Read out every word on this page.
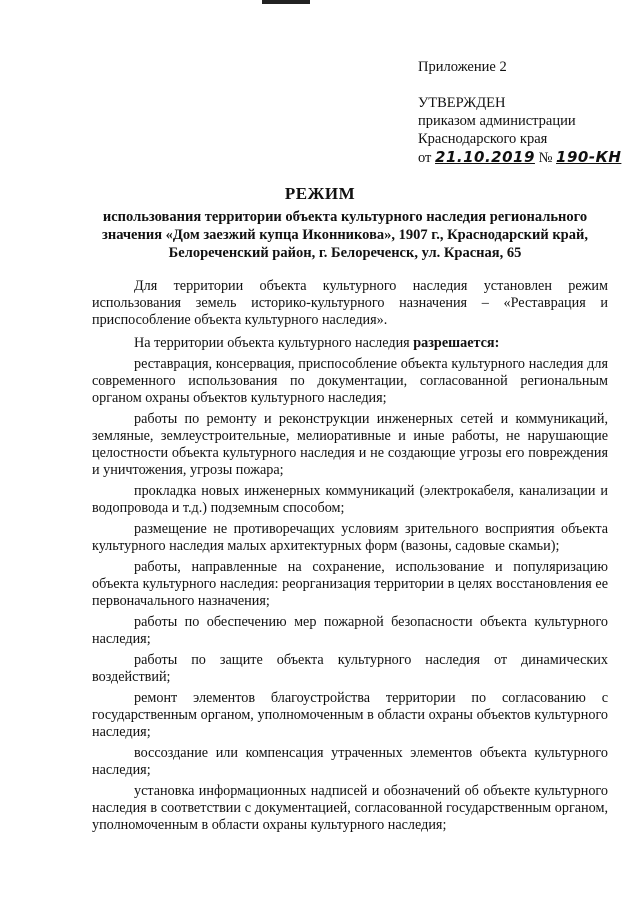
Приложение 2
УТВЕРЖДЕН
приказом администрации
Краснодарского края
от 21.10.2019 № 190-КН
РЕЖИМ
использования территории объекта культурного наследия регионального значения «Дом заезжий купца Иконникова», 1907 г., Краснодарский край, Белореченский район, г. Белореченск, ул. Красная, 65

Для территории объекта культурного наследия установлен режим использования земель историко-культурного назначения – «Реставрация и приспособление объекта культурного наследия».

На территории объекта культурного наследия разрешается:

реставрация, консервация, приспособление объекта культурного наследия для современного использования по документации, согласованной региональным органом охраны объектов культурного наследия;

работы по ремонту и реконструкции инженерных сетей и коммуникаций, земляные, землеустроительные, мелиоративные и иные работы, не нарушающие целостности объекта культурного наследия и не создающие угрозы его повреждения и уничтожения, угрозы пожара;

прокладка новых инженерных коммуникаций (электрокабеля, канализации и водопровода и т.д.) подземным способом;

размещение не противоречащих условиям зрительного восприятия объекта культурного наследия малых архитектурных форм (вазоны, садовые скамьи);

работы, направленные на сохранение, использование и популяризацию объекта культурного наследия: реорганизация территории в целях восстановления ее первоначального назначения;

работы по обеспечению мер пожарной безопасности объекта культурного наследия;

работы по защите объекта культурного наследия от динамических воздействий;

ремонт элементов благоустройства территории по согласованию с государственным органом, уполномоченным в области охраны объектов культурного наследия;

воссоздание или компенсация утраченных элементов объекта культурного наследия;

установка информационных надписей и обозначений об объекте культурного наследия в соответствии с документацией, согласованной государственным органом, уполномоченным в области охраны культурного наследия;
